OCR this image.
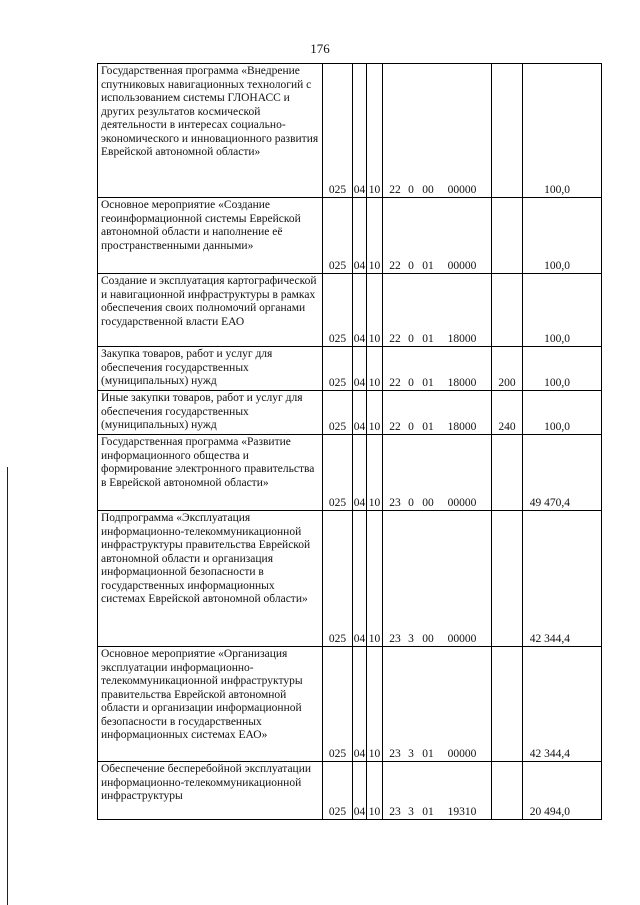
176
Государственная программа «Внедрение спутниковых навигационных технологий с использованием системы ГЛОНАСС и других результатов космической деятельности в интересах социально-экономического и инновационного развития Еврейской автономной области»	025	04	10	22 0 00 00000		100,0
Основное мероприятие «Создание геоинформационной системы Еврейской автономной области и наполнение её пространственными данными»	025	04	10	22 0 01 00000		100,0
Создание и эксплуатация картографической и навигационной инфраструктуры в рамках обеспечения своих полномочий органами государственной власти ЕАО	025	04	10	22 0 01 18000		100,0
Закупка товаров, работ и услуг для обеспечения государственных (муниципальных) нужд	025	04	10	22 0 01 18000	200	100,0
Иные закупки товаров, работ и услуг для обеспечения государственных (муниципальных) нужд	025	04	10	22 0 01 18000	240	100,0
Государственная программа «Развитие информационного общества и формирование электронного правительства в Еврейской автономной области»	025	04	10	23 0 00 00000		49 470,4
Подпрограмма «Эксплуатация информационно-телекоммуникационной инфраструктуры правительства Еврейской автономной области и организация информационной безопасности в государственных информационных системах Еврейской автономной области»	025	04	10	23 3 00 00000		42 344,4
Основное мероприятие «Организация эксплуатации информационно-телекоммуникационной инфраструктуры правительства Еврейской автономной области и организации информационной безопасности в государственных информационных системах ЕАО»	025	04	10	23 3 01 00000		42 344,4
Обеспечение бесперебойной эксплуатации информационно-телекоммуникационной инфраструктуры	025	04	10	23 3 01 19310		20 494,0
